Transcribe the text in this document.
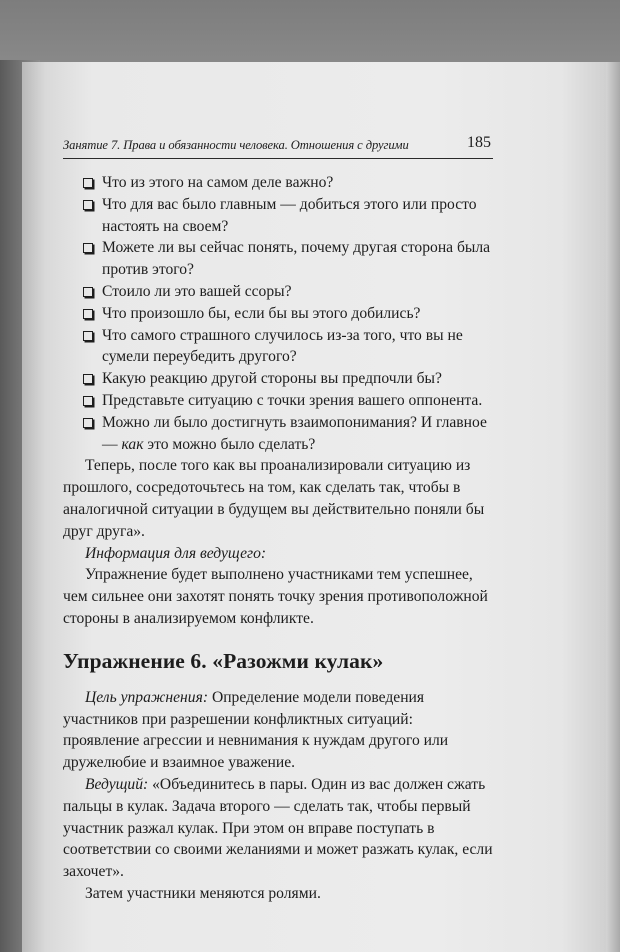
Занятие 7. Права и обязанности человека. Отношения с другими	185
Что из этого на самом деле важно?
Что для вас было главным — добиться этого или просто настоять на своем?
Можете ли вы сейчас понять, почему другая сторона была против этого?
Стоило ли это вашей ссоры?
Что произошло бы, если бы вы этого добились?
Что самого страшного случилось из-за того, что вы не сумели переубедить другого?
Какую реакцию другой стороны вы предпочли бы?
Представьте ситуацию с точки зрения вашего оппонента.
Можно ли было достигнуть взаимопонимания? И главное — как это можно было сделать?

Теперь, после того как вы проанализировали ситуацию из прошлого, сосредоточьтесь на том, как сделать так, чтобы в аналогичной ситуации в будущем вы действительно поняли бы друг друга».

Информация для ведущего:

Упражнение будет выполнено участниками тем успешнее, чем сильнее они захотят понять точку зрения противоположной стороны в анализируемом конфликте.

Упражнение 6. «Разожми кулак»

Цель упражнения: Определение модели поведения участников при разрешении конфликтных ситуаций: проявление агрессии и невнимания к нуждам другого или дружелюбие и взаимное уважение.

Ведущий: «Объединитесь в пары. Один из вас должен сжать пальцы в кулак. Задача второго — сделать так, чтобы первый участник разжал кулак. При этом он вправе поступать в соответствии со своими желаниями и может разжать кулак, если захочет».

Затем участники меняются ролями.
